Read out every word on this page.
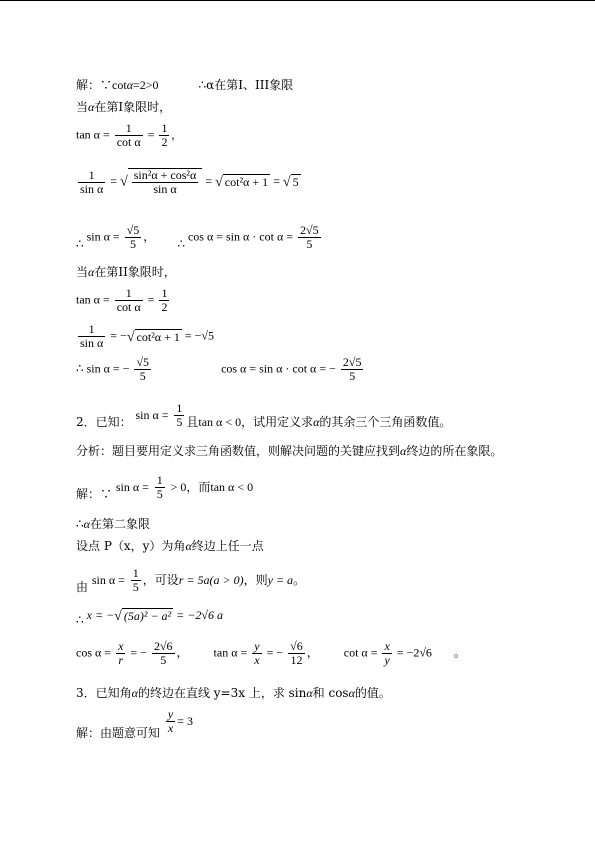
解：∵cotα=2>0	∴α在第Ⅰ、III象限
当α在第Ⅰ象限时，
$\tan \alpha = \frac{1}{\text{cot α}} = \frac{1}{2}$ ,
$\frac{1}{\text{sin α}}$ = √ $\frac{\text{sin²α + cos²α}}{\text{sin α}}$ = √ cot²α + 1 = √ 5
∴ $\sin \alpha = \frac{√5}{5}$ ，∴ $\cos \alpha = \sin \alpha \cdot \cot \alpha = \frac{2√5}{5}$
当α在第II象限时，
$\tan \alpha = \frac{1}{\text{cot α}} = \frac{1}{2}$
$\frac{1}{\text{sin α}}$ = −√ cot²α + 1 = −√5
∴ sin α = − $\frac{√5}{5}$	cos α = sin α · cot α = − $\frac{2√5}{5}$
2．已知： $\sin \alpha = \frac{1}{5}$ 且tan α < 0，试用定义求α的其余三个三角函数值。
分析：题目要用定义求三角函数值，则解决问题的关键应找到α终边的所在象限。
解：∵ $\sin \alpha = \frac{1}{5} > 0$，而tan α < 0
∴α在第二象限
设点 P（x，y）为角α终边上任一点
由 $\sin \alpha = \frac{1}{5}$ ，可设r = 5a(a > 0)，则y = a。
∴ x = −√ (5a)² − a² = −2√6 a
$\cos \alpha = \frac{x}{r}$ = − $\frac{2√6}{5}$ ， $\tan \alpha = \frac{y}{x}$ = − $\frac{√6}{12}$ ， $\cot \alpha = \frac{x}{y} = -2√6$ 。
3．已知角α的终边在直线 y=3x 上，求 sinα和 cosα的值。
解：由题意可知 $\frac{y}{x} = 3$
